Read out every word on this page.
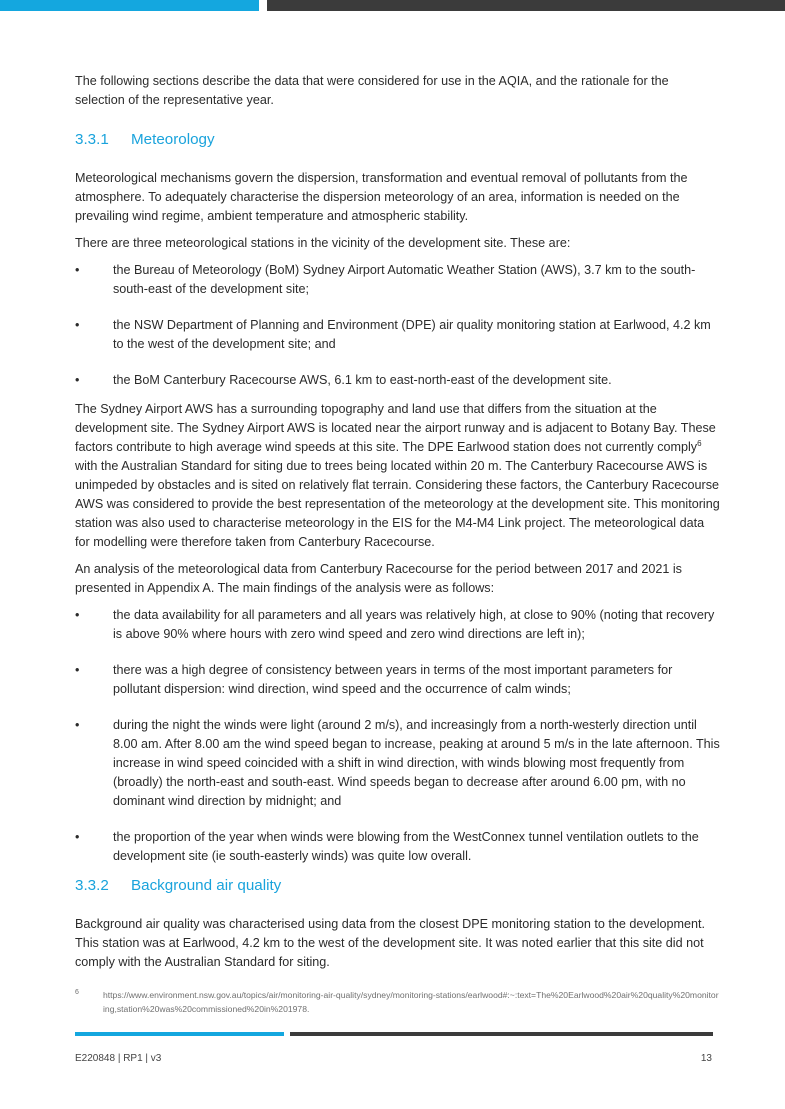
The following sections describe the data that were considered for use in the AQIA, and the rationale for the selection of the representative year.

3.3.1	Meteorology

Meteorological mechanisms govern the dispersion, transformation and eventual removal of pollutants from the atmosphere. To adequately characterise the dispersion meteorology of an area, information is needed on the prevailing wind regime, ambient temperature and atmospheric stability.

There are three meteorological stations in the vicinity of the development site. These are:

•	the Bureau of Meteorology (BoM) Sydney Airport Automatic Weather Station (AWS), 3.7 km to the south-south-east of the development site;
•	the NSW Department of Planning and Environment (DPE) air quality monitoring station at Earlwood, 4.2 km to the west of the development site; and
•	the BoM Canterbury Racecourse AWS, 6.1 km to east-north-east of the development site.

The Sydney Airport AWS has a surrounding topography and land use that differs from the situation at the development site. The Sydney Airport AWS is located near the airport runway and is adjacent to Botany Bay. These factors contribute to high average wind speeds at this site. The DPE Earlwood station does not currently comply$^6$ with the Australian Standard for siting due to trees being located within 20 m. The Canterbury Racecourse AWS is unimpeded by obstacles and is sited on relatively flat terrain. Considering these factors, the Canterbury Racecourse AWS was considered to provide the best representation of the meteorology at the development site. This monitoring station was also used to characterise meteorology in the EIS for the M4-M4 Link project. The meteorological data for modelling were therefore taken from Canterbury Racecourse.

An analysis of the meteorological data from Canterbury Racecourse for the period between 2017 and 2021 is presented in Appendix A. The main findings of the analysis were as follows:

•	the data availability for all parameters and all years was relatively high, at close to 90% (noting that recovery is above 90% where hours with zero wind speed and zero wind directions are left in);
•	there was a high degree of consistency between years in terms of the most important parameters for pollutant dispersion: wind direction, wind speed and the occurrence of calm winds;
•	during the night the winds were light (around 2 m/s), and increasingly from a north-westerly direction until 8.00 am. After 8.00 am the wind speed began to increase, peaking at around 5 m/s in the late afternoon. This increase in wind speed coincided with a shift in wind direction, with winds blowing most frequently from (broadly) the north-east and south-east. Wind speeds began to decrease after around 6.00 pm, with no dominant wind direction by midnight; and
•	the proportion of the year when winds were blowing from the WestConnex tunnel ventilation outlets to the development site (ie south-easterly winds) was quite low overall.
3.3.2	Background air quality

Background air quality was characterised using data from the closest DPE monitoring station to the development. This station was at Earlwood, 4.2 km to the west of the development site. It was noted earlier that this site did not comply with the Australian Standard for siting.

6	https://www.environment.nsw.gov.au/topics/air/monitoring-air-quality/sydney/monitoring-stations/earlwood#:~:text=The%20Earlwood%20air%20quality%20monitoring,station%20was%20commissioned%20in%201978.
E220848 | RP1 | v3	13
